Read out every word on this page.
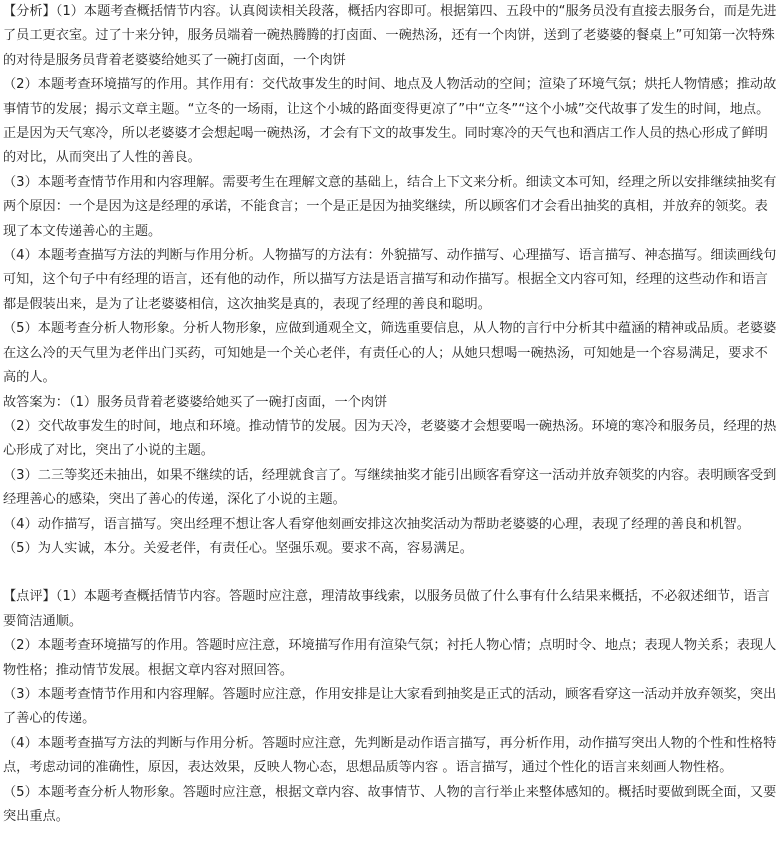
【分析】（1）本题考查概括情节内容。认真阅读相关段落，概括内容即可。根据第四、五段中的“服务员没有直接去服务台，而是先进了员工更衣室。过了十来分钟，服务员端着一碗热腾腾的打卤面、一碗热汤，还有一个肉饼，送到了老婆婆的餐桌上”可知第一次特殊的对待是服务员背着老婆婆给她买了一碗打卤面，一个肉饼

（2）本题考查环境描写的作用。其作用有：交代故事发生的时间、地点及人物活动的空间；渲染了环境气氛；烘托人物情感；推动故事情节的发展；揭示文章主题。“立冬的一场雨，让这个小城的路面变得更凉了”中“立冬”“这个小城”交代故事了发生的时间，地点。正是因为天气寒冷，所以老婆婆才会想起喝一碗热汤，才会有下文的故事发生。同时寒冷的天气也和酒店工作人员的热心形成了鲜明的对比，从而突出了人性的善良。

（3）本题考查情节作用和内容理解。需要考生在理解文意的基础上，结合上下文来分析。细读文本可知，经理之所以安排继续抽奖有两个原因：一个是因为这是经理的承诺，不能食言；一个是正是因为抽奖继续，所以顾客们才会看出抽奖的真相，并放弃的领奖。表现了本文传递善心的主题。

（4）本题考查描写方法的判断与作用分析。人物描写的方法有：外貌描写、动作描写、心理描写、语言描写、神态描写。细读画线句可知，这个句子中有经理的语言，还有他的动作，所以描写方法是语言描写和动作描写。根据全文内容可知，经理的这些动作和语言都是假装出来，是为了让老婆婆相信，这次抽奖是真的，表现了经理的善良和聪明。

（5）本题考查分析人物形象。分析人物形象，应做到通观全文，筛选重要信息，从人物的言行中分析其中蕴涵的精神或品质。老婆婆在这么冷的天气里为老伴出门买药，可知她是一个关心老伴，有责任心的人；从她只想喝一碗热汤，可知她是一个容易满足，要求不高的人。

故答案为：（1）服务员背着老婆婆给她买了一碗打卤面，一个肉饼

（2）交代故事发生的时间，地点和环境。推动情节的发展。因为天冷，老婆婆才会想要喝一碗热汤。环境的寒冷和服务员，经理的热心形成了对比，突出了小说的主题。

（3）二三等奖还未抽出，如果不继续的话，经理就食言了。写继续抽奖才能引出顾客看穿这一活动并放弃领奖的内容。表明顾客受到经理善心的感染，突出了善心的传递，深化了小说的主题。

（4）动作描写，语言描写。突出经理不想让客人看穿他刻画安排这次抽奖活动为帮助老婆婆的心理，表现了经理的善良和机智。

（5）为人实诚，本分。关爱老伴，有责任心。坚强乐观。要求不高，容易满足。

【点评】（1）本题考查概括情节内容。答题时应注意，理清故事线索，以服务员做了什么事有什么结果来概括，不必叙述细节，语言要简洁通顺。

（2）本题考查环境描写的作用。答题时应注意，环境描写作用有渲染气氛；衬托人物心情；点明时令、地点；表现人物关系；表现人物性格；推动情节发展。根据文章内容对照回答。

（3）本题考查情节作用和内容理解。答题时应注意，作用安排是让大家看到抽奖是正式的活动，顾客看穿这一活动并放弃领奖，突出了善心的传递。

（4）本题考查描写方法的判断与作用分析。答题时应注意，先判断是动作语言描写，再分析作用，动作描写突出人物的个性和性格特点，考虑动词的准确性，原因，表达效果，反映人物心态，思想品质等内容 。语言描写，通过个性化的语言来刻画人物性格。

（5）本题考查分析人物形象。答题时应注意，根据文章内容、故事情节、人物的言行举止来整体感知的。概括时要做到既全面，又要突出重点。
